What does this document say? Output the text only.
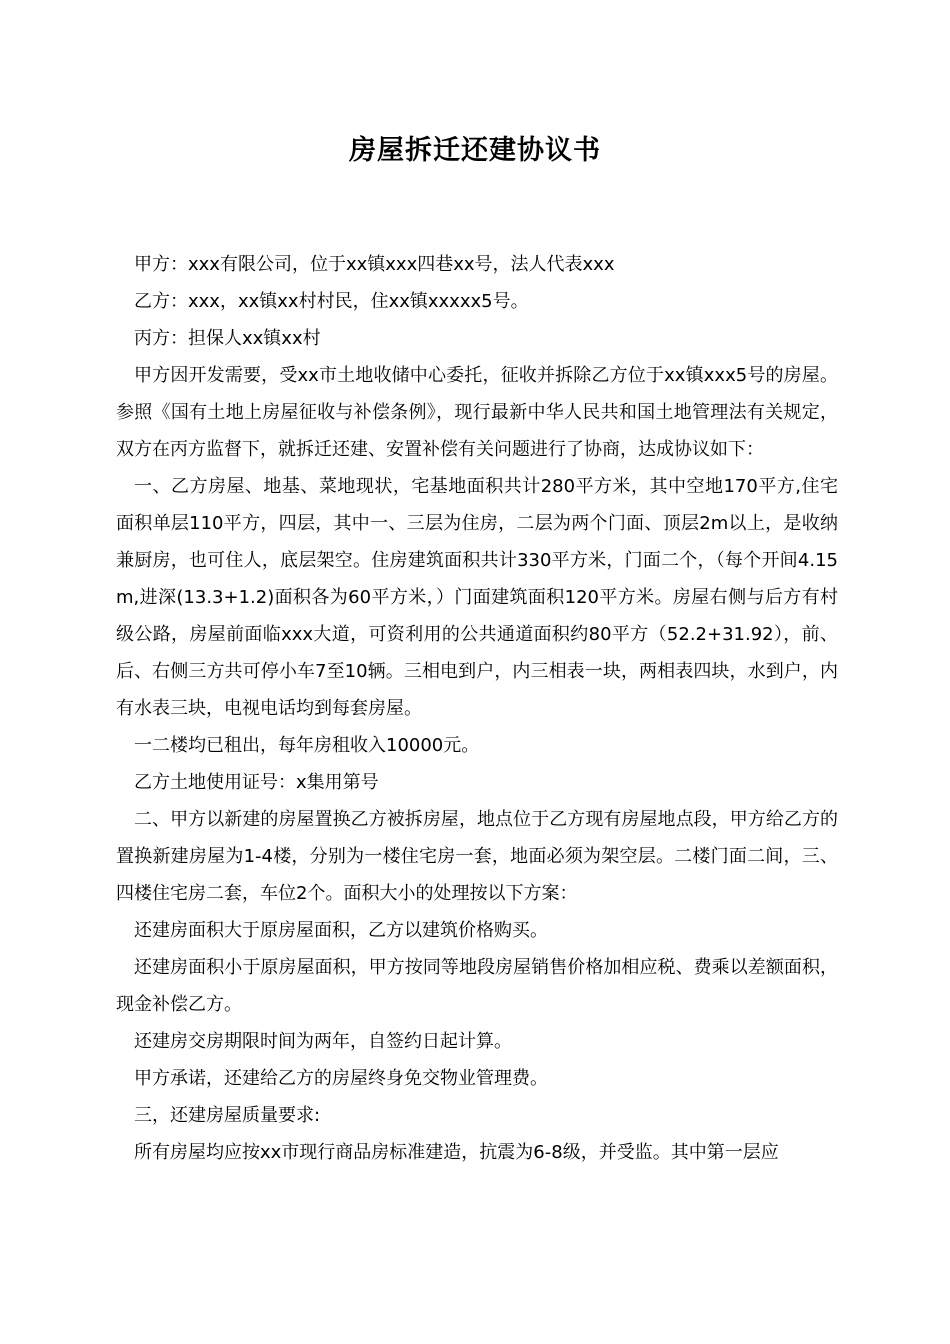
房屋拆迁还建协议书

甲方：xxx有限公司，位于xx镇xxx四巷xx号，法人代表xxx

乙方：xxx，xx镇xx村村民，住xx镇xxxxx5号。

丙方：担保人xx镇xx村

甲方因开发需要，受xx市土地收储中心委托，征收并拆除乙方位于xx镇xxx5号的房屋。参照《国有土地上房屋征收与补偿条例》，现行最新中华人民共和国土地管理法有关规定，双方在丙方监督下，就拆迁还建、安置补偿有关问题进行了协商，达成协议如下：

一、乙方房屋、地基、菜地现状，宅基地面积共计280平方米，其中空地170平方,住宅面积单层110平方，四层，其中一、三层为住房，二层为两个门面、顶层2m以上，是收纳兼厨房，也可住人，底层架空。住房建筑面积共计330平方米，门面二个，（每个开间4.15m,进深(13.3+1.2)面积各为60平方米，）门面建筑面积120平方米。房屋右侧与后方有村级公路，房屋前面临xxx大道，可资利用的公共通道面积约80平方（52.2+31.92），前、后、右侧三方共可停小车7至10辆。三相电到户，内三相表一块，两相表四块，水到户，内有水表三块，电视电话均到每套房屋。

一二楼均已租出，每年房租收入10000元。

乙方土地使用证号：x集用第号

二、甲方以新建的房屋置换乙方被拆房屋，地点位于乙方现有房屋地点段，甲方给乙方的置换新建房屋为1-4楼，分别为一楼住宅房一套，地面必须为架空层。二楼门面二间，三、四楼住宅房二套，车位2个。面积大小的处理按以下方案：

还建房面积大于原房屋面积，乙方以建筑价格购买。

还建房面积小于原房屋面积，甲方按同等地段房屋销售价格加相应税、费乘以差额面积，现金补偿乙方。

还建房交房期限时间为两年，自签约日起计算。

甲方承诺，还建给乙方的房屋终身免交物业管理费。

三，还建房屋质量要求:

所有房屋均应按xx市现行商品房标准建造，抗震为6-8级，并受监。其中第一层应
